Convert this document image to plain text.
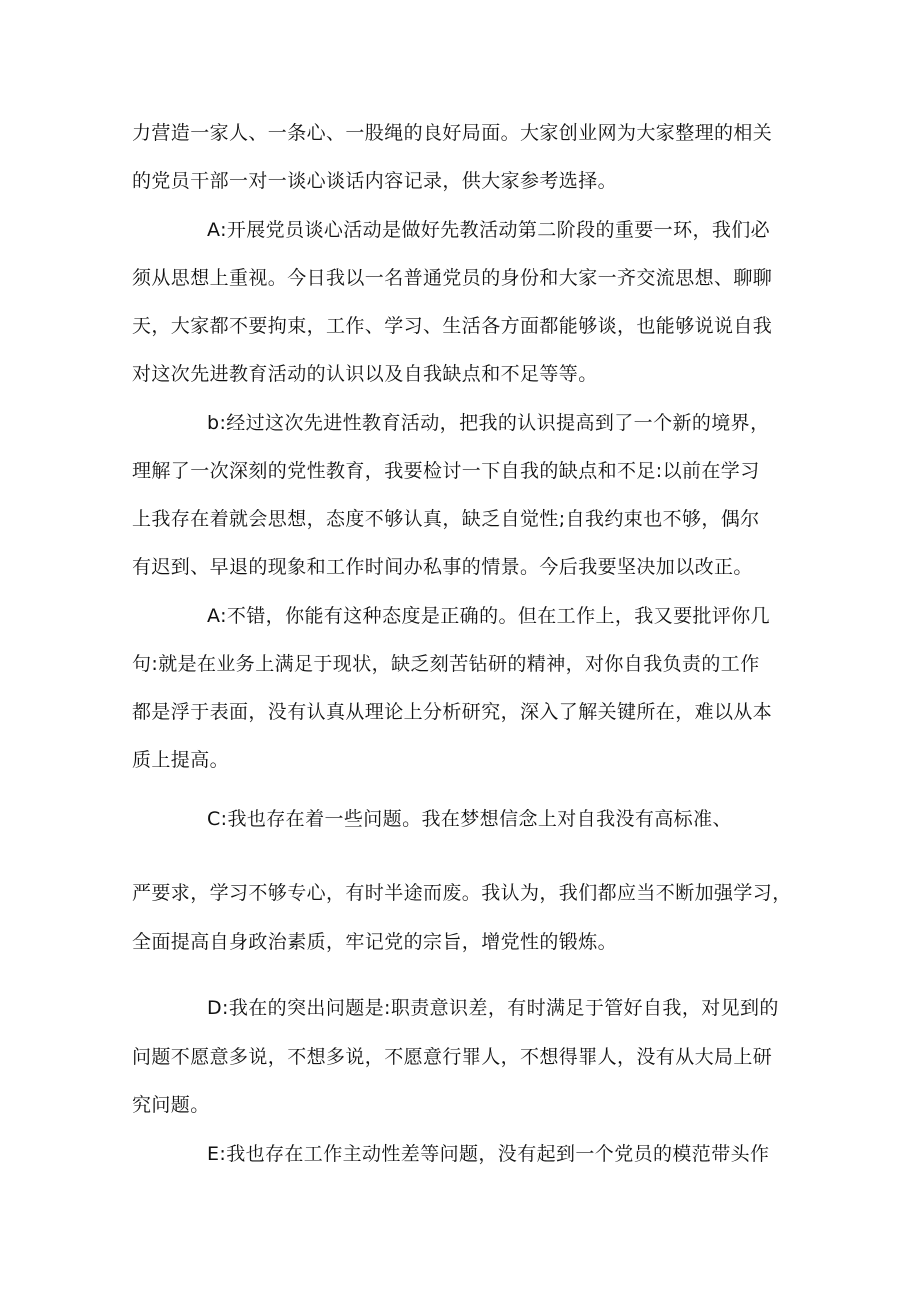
力营造一家人、一条心、一股绳的良好局面。大家创业网为大家整理的相关
的党员干部一对一谈心谈话内容记录，供大家参考选择。
A:开展党员谈心活动是做好先教活动第二阶段的重要一环，我们必
须从思想上重视。今日我以一名普通党员的身份和大家一齐交流思想、聊聊
天，大家都不要拘束，工作、学习、生活各方面都能够谈，也能够说说自我
对这次先进教育活动的认识以及自我缺点和不足等等。
b:经过这次先进性教育活动，把我的认识提高到了一个新的境界，
理解了一次深刻的党性教育，我要检讨一下自我的缺点和不足:以前在学习
上我存在着就会思想，态度不够认真，缺乏自觉性;自我约束也不够，偶尔
有迟到、早退的现象和工作时间办私事的情景。今后我要坚决加以改正。
A:不错，你能有这种态度是正确的。但在工作上，我又要批评你几
句:就是在业务上满足于现状，缺乏刻苦钻研的精神，对你自我负责的工作
都是浮于表面，没有认真从理论上分析研究，深入了解关键所在，难以从本
质上提高。
C:我也存在着一些问题。我在梦想信念上对自我没有高标准、
严要求，学习不够专心，有时半途而废。我认为，我们都应当不断加强学习，
全面提高自身政治素质，牢记党的宗旨，增党性的锻炼。
D:我在的突出问题是:职责意识差，有时满足于管好自我，对见到的
问题不愿意多说，不想多说，不愿意行罪人，不想得罪人，没有从大局上研
究问题。
E:我也存在工作主动性差等问题，没有起到一个党员的模范带头作
